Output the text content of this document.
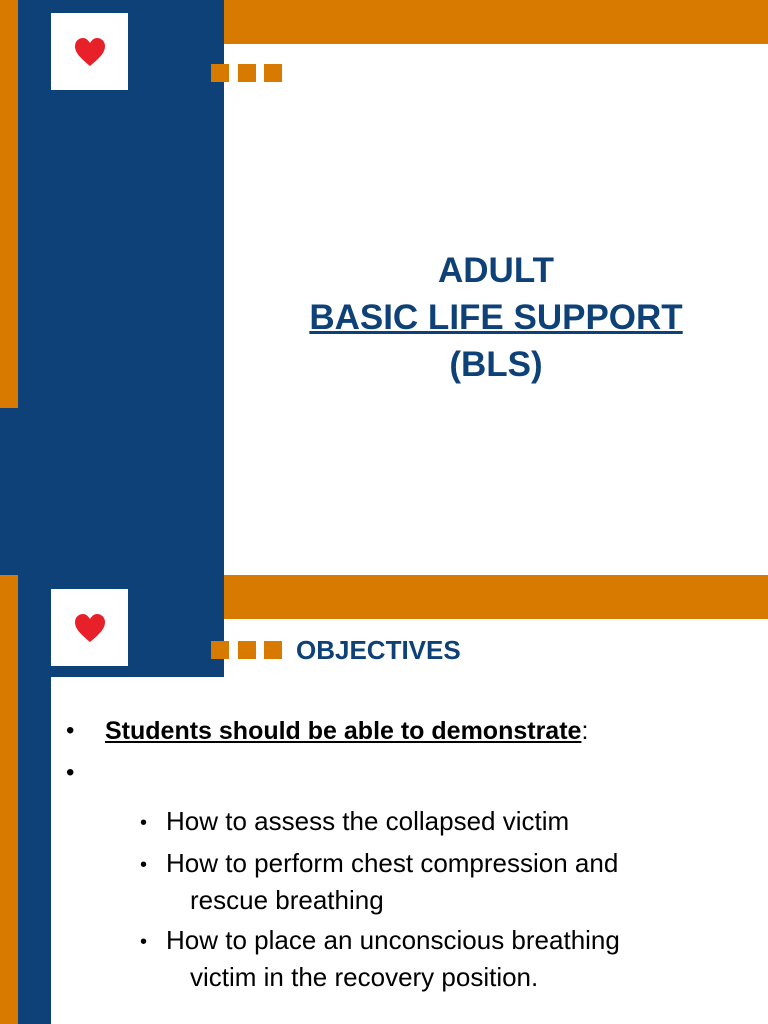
ADULT
BASIC LIFE SUPPORT
(BLS)
OBJECTIVES
• Students should be able to demonstrate:
•
• How to assess the collapsed victim
• How to perform chest compression and
rescue breathing
• How to place an unconscious breathing
victim in the recovery position.
